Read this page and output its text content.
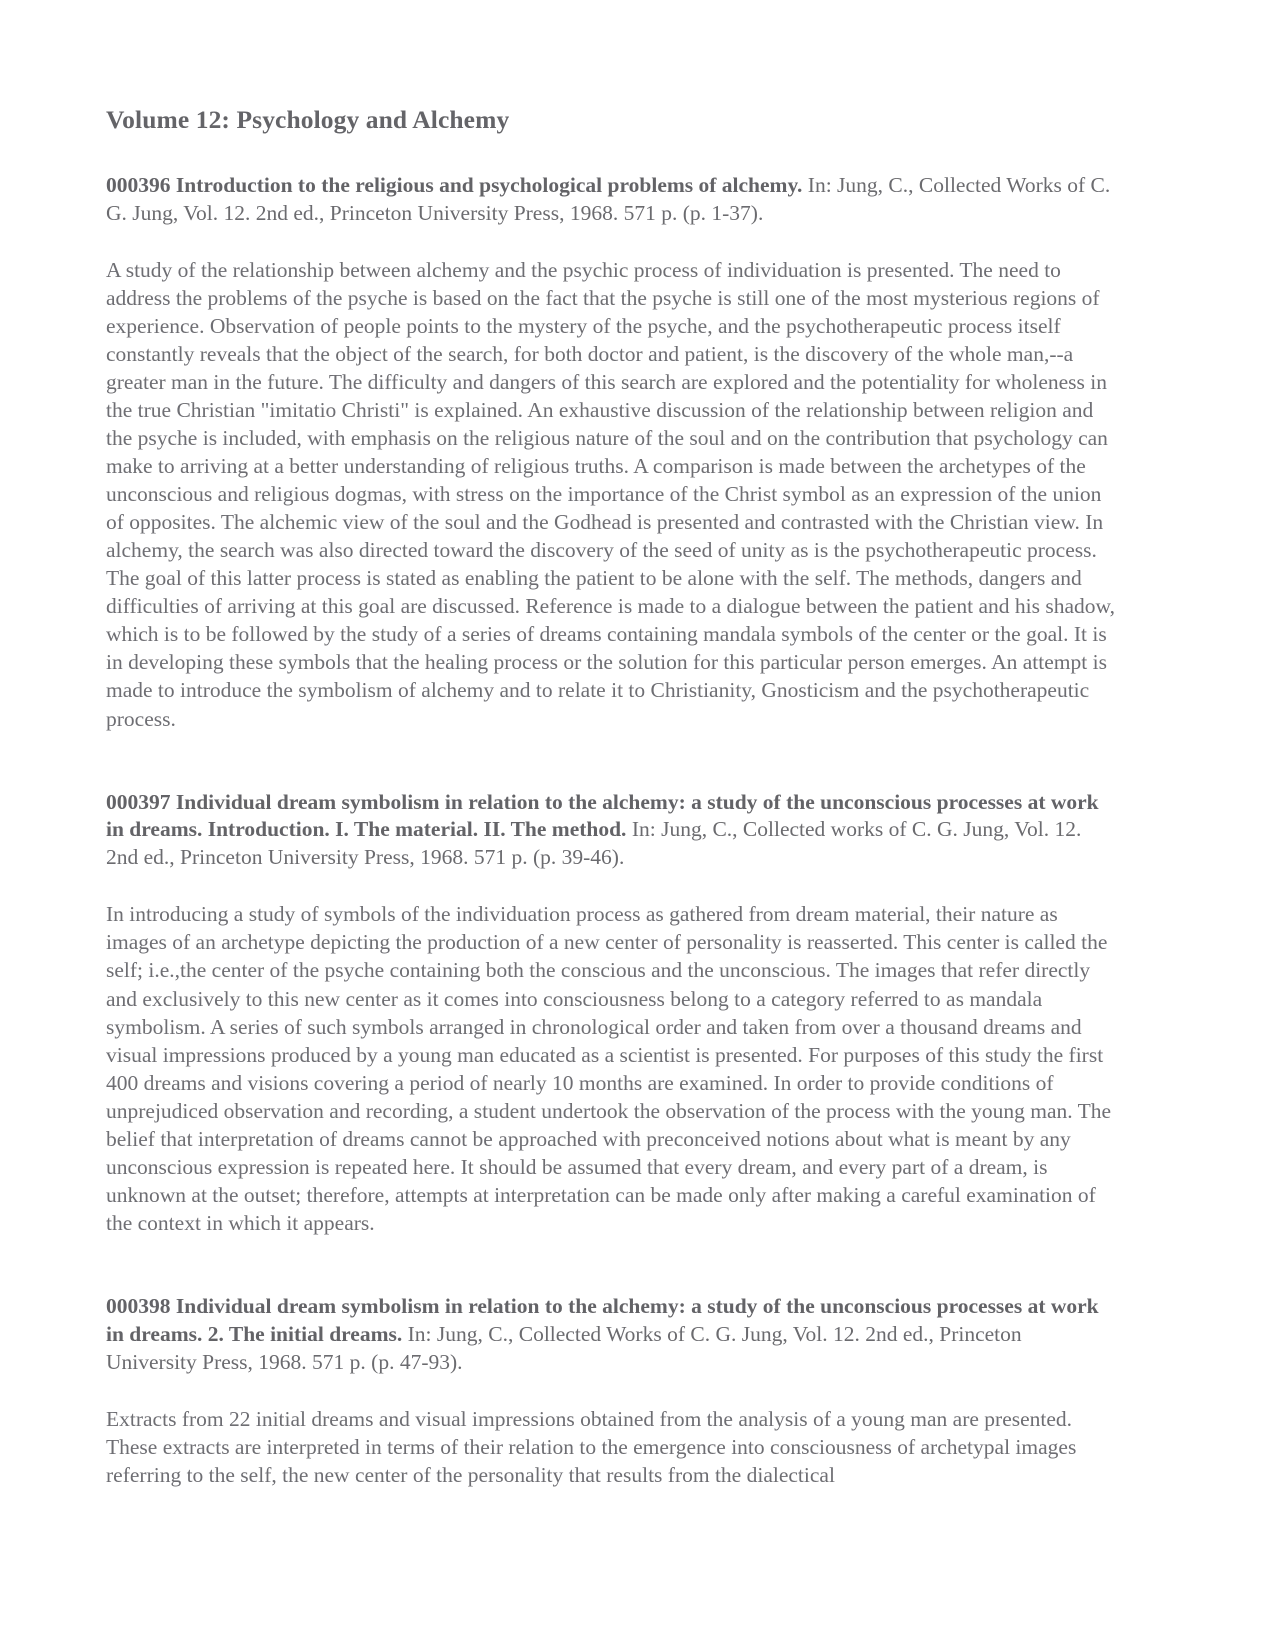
Volume 12: Psychology and Alchemy

000396 Introduction to the religious and psychological problems of alchemy. In: Jung, C., Collected Works of C. G. Jung, Vol. 12. 2nd ed., Princeton University Press, 1968. 571 p. (p. 1-37).

A study of the relationship between alchemy and the psychic process of individuation is presented. The need to address the problems of the psyche is based on the fact that the psyche is still one of the most mysterious regions of experience. Observation of people points to the mystery of the psyche, and the psychotherapeutic process itself constantly reveals that the object of the search, for both doctor and patient, is the discovery of the whole man,--a greater man in the future. The difficulty and dangers of this search are explored and the potentiality for wholeness in the true Christian "imitatio Christi" is explained. An exhaustive discussion of the relationship between religion and the psyche is included, with emphasis on the religious nature of the soul and on the contribution that psychology can make to arriving at a better understanding of religious truths. A comparison is made between the archetypes of the unconscious and religious dogmas, with stress on the importance of the Christ symbol as an expression of the union of opposites. The alchemic view of the soul and the Godhead is presented and contrasted with the Christian view. In alchemy, the search was also directed toward the discovery of the seed of unity as is the psychotherapeutic process. The goal of this latter process is stated as enabling the patient to be alone with the self. The methods, dangers and difficulties of arriving at this goal are discussed. Reference is made to a dialogue between the patient and his shadow, which is to be followed by the study of a series of dreams containing mandala symbols of the center or the goal. It is in developing these symbols that the healing process or the solution for this particular person emerges. An attempt is made to introduce the symbolism of alchemy and to relate it to Christianity, Gnosticism and the psychotherapeutic process.

000397 Individual dream symbolism in relation to the alchemy: a study of the unconscious processes at work in dreams. Introduction. I. The material. II. The method. In: Jung, C., Collected works of C. G. Jung, Vol. 12. 2nd ed., Princeton University Press, 1968. 571 p. (p. 39-46).

In introducing a study of symbols of the individuation process as gathered from dream material, their nature as images of an archetype depicting the production of a new center of personality is reasserted. This center is called the self; i.e.,the center of the psyche containing both the conscious and the unconscious. The images that refer directly and exclusively to this new center as it comes into consciousness belong to a category referred to as mandala symbolism. A series of such symbols arranged in chronological order and taken from over a thousand dreams and visual impressions produced by a young man educated as a scientist is presented. For purposes of this study the first 400 dreams and visions covering a period of nearly 10 months are examined. In order to provide conditions of unprejudiced observation and recording, a student undertook the observation of the process with the young man. The belief that interpretation of dreams cannot be approached with preconceived notions about what is meant by any unconscious expression is repeated here. It should be assumed that every dream, and every part of a dream, is unknown at the outset; therefore, attempts at interpretation can be made only after making a careful examination of the context in which it appears.

000398 Individual dream symbolism in relation to the alchemy: a study of the unconscious processes at work in dreams. 2. The initial dreams. In: Jung, C., Collected Works of C. G. Jung, Vol. 12. 2nd ed., Princeton University Press, 1968. 571 p. (p. 47-93).

Extracts from 22 initial dreams and visual impressions obtained from the analysis of a young man are presented. These extracts are interpreted in terms of their relation to the emergence into consciousness of archetypal images referring to the self, the new center of the personality that results from the dialectical
